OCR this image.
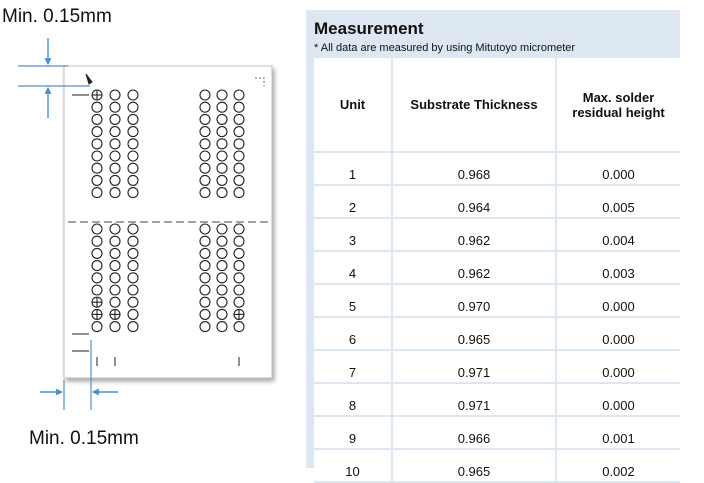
Min. 0.15mm
Min. 0.15mm
Measurement
* All data are measured by using Mitutoyo micrometer
Unit	Substrate Thickness	Max. solder residual height
1	0.968	0.000
2	0.964	0.005
3	0.962	0.004
4	0.962	0.003
5	0.970	0.000
6	0.965	0.000
7	0.971	0.000
8	0.971	0.000
9	0.966	0.001
10	0.965	0.002
